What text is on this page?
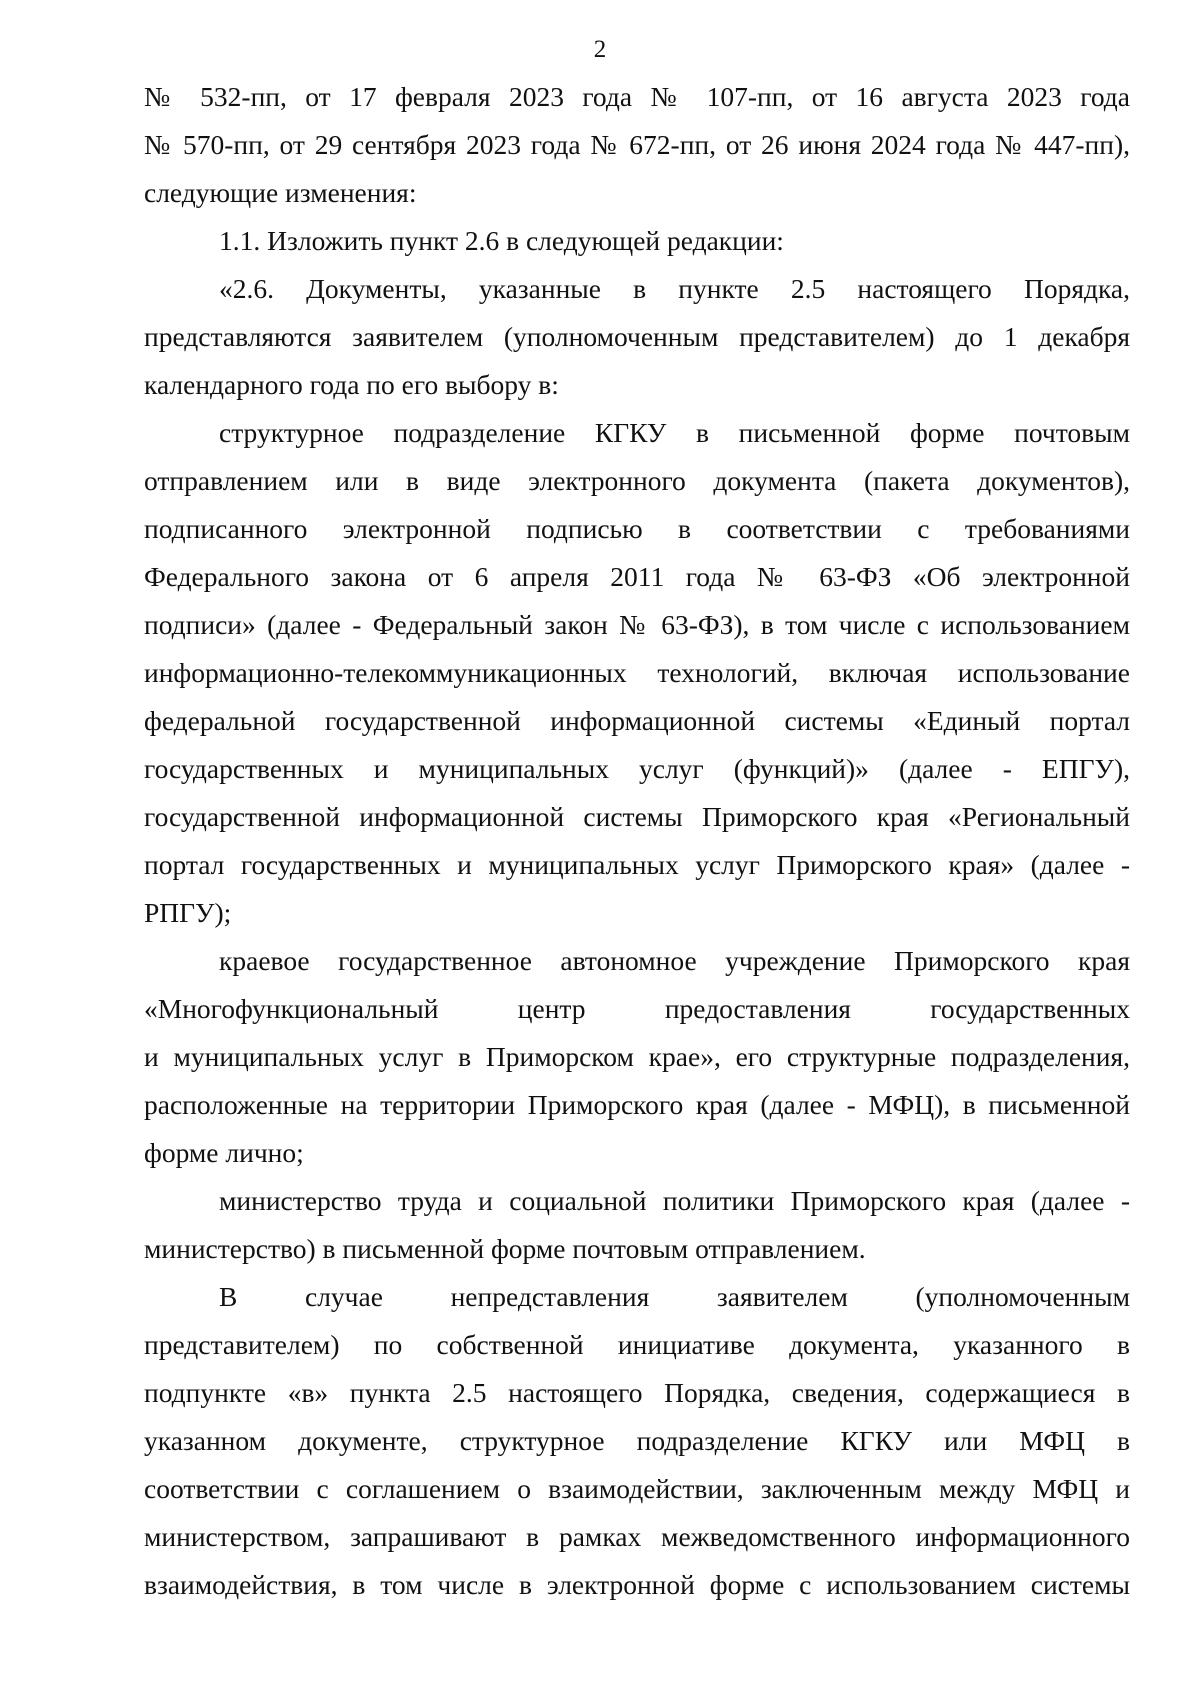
2

№ 532-пп, от 17 февраля 2023 года № 107-пп, от 16 августа 2023 года
№ 570-пп, от 29 сентября 2023 года № 672-пп, от 26 июня 2024 года № 447-пп),
следующие изменения:

1.1. Изложить пункт 2.6 в следующей редакции:

«2.6. Документы, указанные в пункте 2.5 настоящего Порядка,
представляются заявителем (уполномоченным представителем) до 1 декабря
календарного года по его выбору в:

структурное подразделение КГКУ в письменной форме почтовым
отправлением или в виде электронного документа (пакета документов),
подписанного электронной подписью в соответствии с требованиями
Федерального закона от 6 апреля 2011 года № 63-ФЗ «Об электронной
подписи» (далее - Федеральный закон № 63-ФЗ), в том числе с использованием
информационно-телекоммуникационных технологий, включая использование
федеральной государственной информационной системы «Единый портал
государственных и муниципальных услуг (функций)» (далее - ЕПГУ),
государственной информационной системы Приморского края «Региональный
портал государственных и муниципальных услуг Приморского края» (далее -
РПГУ);

краевое государственное автономное учреждение Приморского края
«Многофункциональный центр предоставления государственных
и муниципальных услуг в Приморском крае», его структурные подразделения,
расположенные на территории Приморского края (далее - МФЦ), в письменной
форме лично;

министерство труда и социальной политики Приморского края (далее -
министерство) в письменной форме почтовым отправлением.

В случае непредставления заявителем (уполномоченным
представителем) по собственной инициативе документа, указанного в
подпункте «в» пункта 2.5 настоящего Порядка, сведения, содержащиеся в
указанном документе, структурное подразделение КГКУ или МФЦ в
соответствии с соглашением о взаимодействии, заключенным между МФЦ и
министерством, запрашивают в рамках межведомственного информационного
взаимодействия, в том числе в электронной форме с использованием системы
